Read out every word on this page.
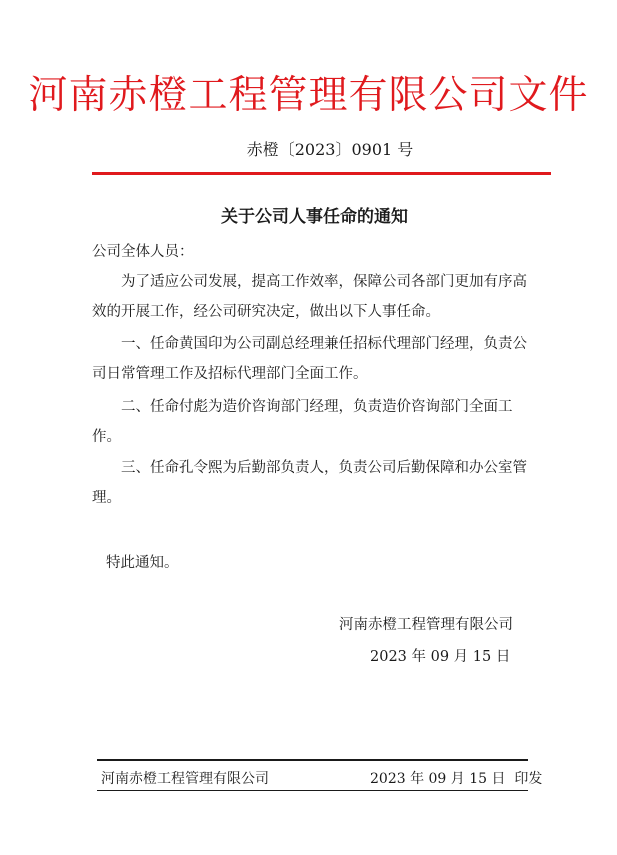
河南赤橙工程管理有限公司文件
赤橙〔2023〕0901 号
关于公司人事任命的通知
公司全体人员：
为了适应公司发展，提高工作效率，保障公司各部门更加有序高效的开展工作，经公司研究决定，做出以下人事任命。
一、任命黄国印为公司副总经理兼任招标代理部门经理，负责公司日常管理工作及招标代理部门全面工作。
二、任命付彪为造价咨询部门经理，负责造价咨询部门全面工作。
三、任命孔令熙为后勤部负责人，负责公司后勤保障和办公室管理。
特此通知。
河南赤橙工程管理有限公司
2023 年 09 月 15 日
河南赤橙工程管理有限公司	2023 年 09 月 15 日  印发
